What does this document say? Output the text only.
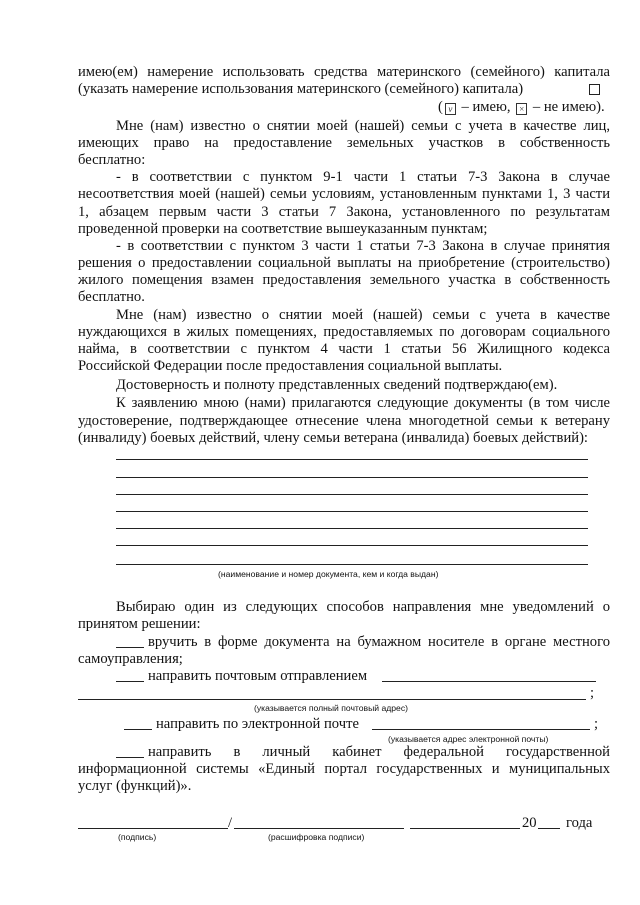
имею(ем) намерение использовать средства материнского (семейного) капитала
(указать намерение использования материнского (семейного) капитала)
( v – имею, × – не имею).
Мне (нам) известно о снятии моей (нашей) семьи с учета в качестве лиц,
имеющих право на предоставление земельных участков в собственность
бесплатно:
- в соответствии с пунктом 9-1 части 1 статьи 7-3 Закона в случае
несоответствия моей (нашей) семьи условиям, установленным пунктами 1, 3 части
1, абзацем первым части 3 статьи 7 Закона, установленного по результатам
проведенной проверки на соответствие вышеуказанным пунктам;
- в соответствии с пунктом 3 части 1 статьи 7-3 Закона в случае принятия
решения о предоставлении социальной выплаты на приобретение (строительство)
жилого помещения взамен предоставления земельного участка в собственность
бесплатно.
Мне (нам) известно о снятии моей (нашей) семьи с учета в качестве
нуждающихся в жилых помещениях, предоставляемых по договорам социального
найма, в соответствии с пунктом 4 части 1 статьи 56 Жилищного кодекса
Российской Федерации после предоставления социальной выплаты.
Достоверность и полноту представленных сведений подтверждаю(ем).
К заявлению мною (нами) прилагаются следующие документы (в том числе
удостоверение, подтверждающее отнесение члена многодетной семьи к ветерану
(инвалиду) боевых действий, члену семьи ветерана (инвалида) боевых действий):
(наименование и номер документа, кем и когда выдан)
Выбираю один из следующих способов направления мне уведомлений о
принятом решении:
вручить в форме документа на бумажном носителе в органе местного
самоуправления;
направить почтовым отправлением
;
(указывается полный почтовый адрес)
направить по электронной почте	;
(указывается адрес электронной почты)
направить в личный кабинет федеральной государственной
информационной системы «Единый портал государственных и муниципальных
услуг (функций)».
/	20 года
(подпись)	(расшифровка подписи)
